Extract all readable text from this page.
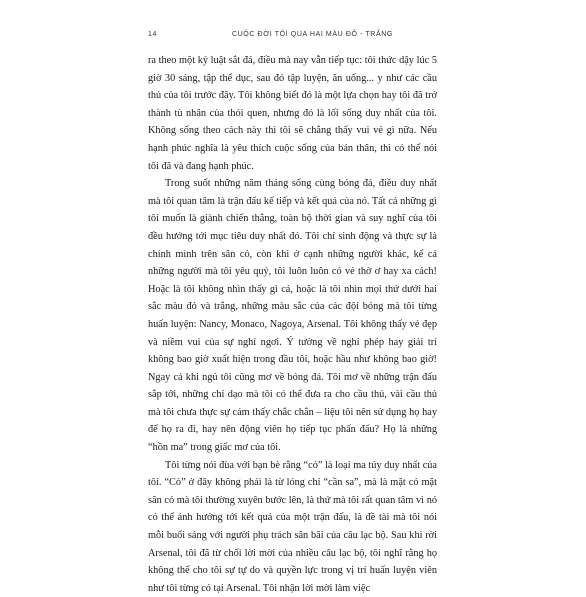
14	CUỘC ĐỜI TÔI QUA HAI MÀU ĐỎ - TRẮNG

ra theo một kỷ luật sắt đá, điều mà nay vẫn tiếp tục: tôi thức dậy lúc 5 giờ 30 sáng, tập thể dục, sau đó tập luyện, ăn uống... y như các cầu thủ của tôi trước đây. Tôi không biết đó là một lựa chọn hay tôi đã trở thành tù nhân của thói quen, nhưng đó là lối sống duy nhất của tôi. Không sống theo cách này thì tôi sẽ chẳng thấy vui vẻ gì nữa. Nếu hạnh phúc nghĩa là yêu thích cuộc sống của bản thân, thì có thể nói tôi đã và đang hạnh phúc.

Trong suốt những năm tháng sống cùng bóng đá, điều duy nhất mà tôi quan tâm là trận đấu kế tiếp và kết quả của nó. Tất cả những gì tôi muốn là giành chiến thắng, toàn bộ thời gian và suy nghĩ của tôi đều hướng tới mục tiêu duy nhất đó. Tôi chỉ sinh động và thực sự là chính mình trên sân cỏ, còn khi ở cạnh những người khác, kể cả những người mà tôi yêu quý, tôi luôn luôn có vẻ thờ ơ hay xa cách! Hoặc là tôi không nhìn thấy gì cả, hoặc là tôi nhìn mọi thứ dưới hai sắc màu đỏ và trắng, những màu sắc của các đội bóng mà tôi từng huấn luyện: Nancy, Monaco, Nagoya, Arsenal. Tôi không thấy vẻ đẹp và niềm vui của sự nghỉ ngơi. Ý tưởng về nghỉ phép hay giải trí không bao giờ xuất hiện trong đầu tôi, hoặc hầu như không bao giờ! Ngay cả khi ngủ tôi cũng mơ về bóng đá. Tôi mơ về những trận đấu sắp tới, những chỉ dạo mà tôi có thể đưa ra cho cầu thủ, vài cầu thủ mà tôi chưa thực sự cảm thấy chắc chắn – liệu tôi nên sử dụng họ hay để họ ra đi, hay nên động viên họ tiếp tục phấn đấu? Họ là những “hồn ma” trong giấc mơ của tôi.

Tôi từng nói đùa với bạn bè rằng “cỏ” là loại ma túy duy nhất của tôi. “Cỏ” ở đây không phải là từ lóng chỉ “cần sa”, mà là mặt cỏ mặt sân cỏ mà tôi thường xuyên bước lên, là thứ mà tôi rất quan tâm vì nó có thể ảnh hưởng tới kết quả của một trận đấu, là đề tài mà tôi nói mỗi buổi sáng với người phụ trách sân bãi của câu lạc bộ. Sau khi rời Arsenal, tôi đã từ chối lời mời của nhiều câu lạc bộ, tôi nghĩ rằng họ không thể cho tôi sự tự do và quyền lực trong vị trí huấn luyện viên như tôi từng có tại Arsenal. Tôi nhận lời mời làm việc
